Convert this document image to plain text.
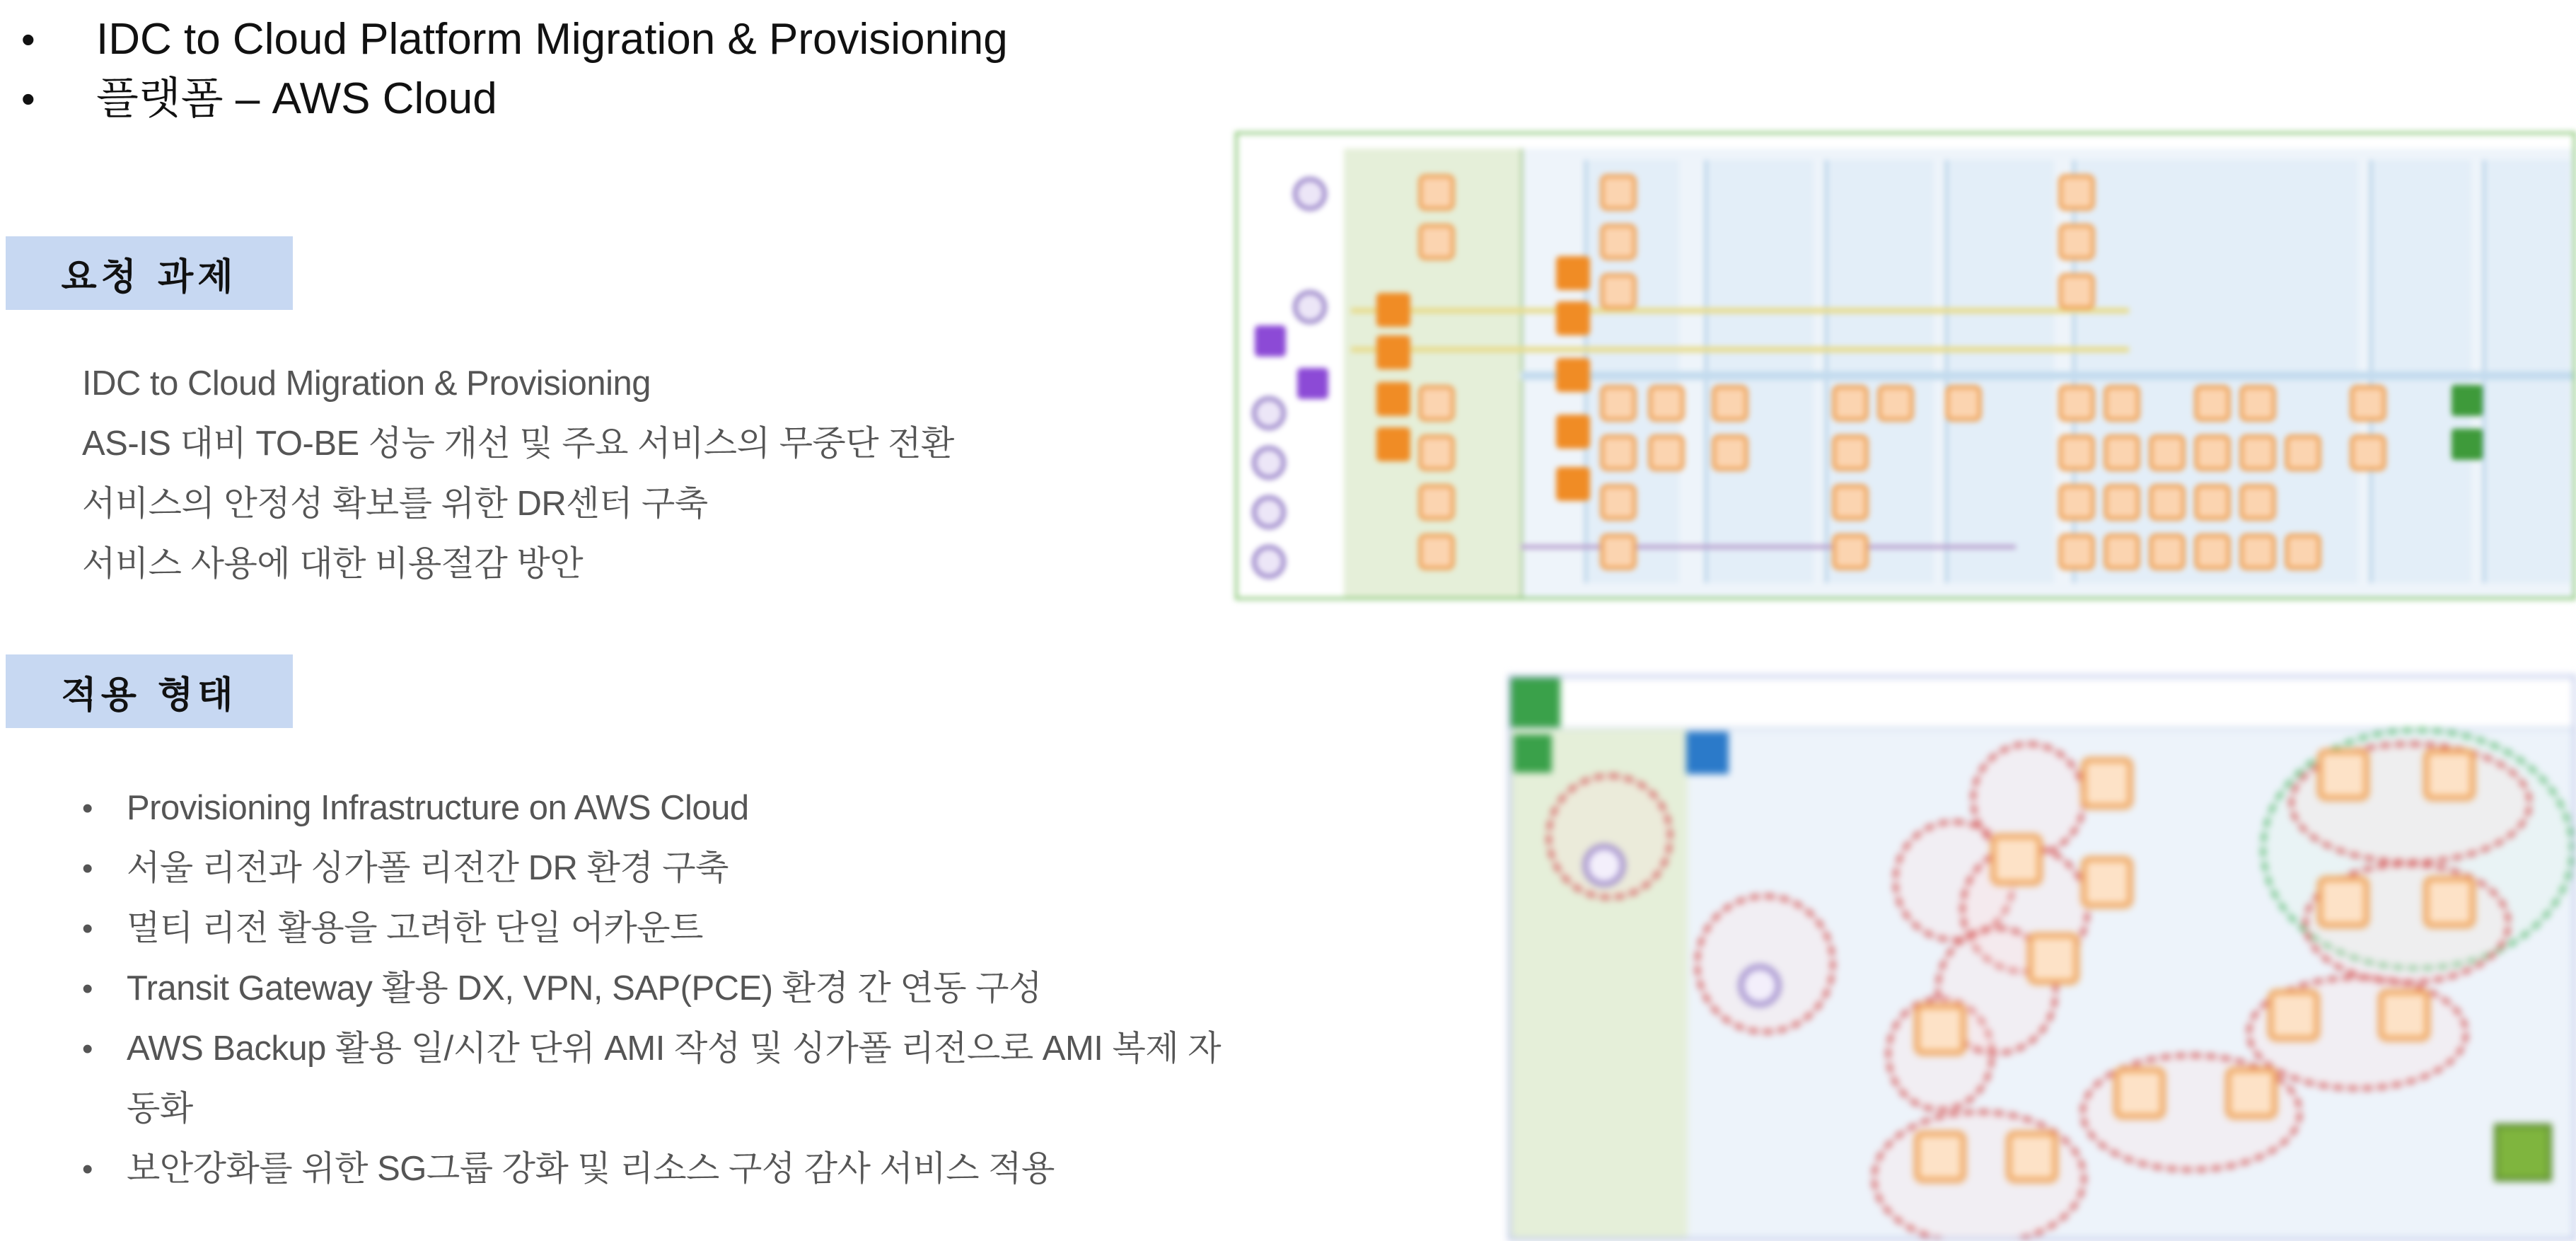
• IDC to Cloud Platform Migration & Provisioning
• 플랫폼 – AWS Cloud
요청 과제
IDC to Cloud Migration & Provisioning
AS-IS 대비 TO-BE 성능 개선 및 주요 서비스의 무중단 전환
서비스의 안정성 확보를 위한 DR센터 구축
서비스 사용에 대한 비용절감 방안
적용 형태
• Provisioning Infrastructure on AWS Cloud
• 서울 리전과 싱가폴 리전간 DR 환경 구축
• 멀티 리전 활용을 고려한 단일 어카운트
• Transit Gateway 활용 DX, VPN, SAP(PCE) 환경 간 연동 구성
• AWS Backup 활용 일/시간 단위 AMI 작성 및 싱가폴 리전으로 AMI 복제 자동화
• 보안강화를 위한 SG그룹 강화 및 리소스 구성 감사 서비스 적용
